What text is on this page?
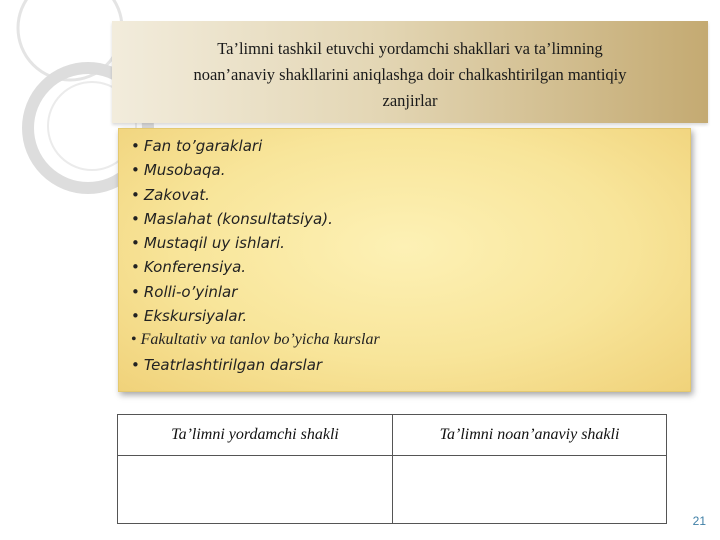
Ta’limni tashkil etuvchi yordamchi shakllari va ta’limning
noan’anaviy shakllarini aniqlashga doir chalkashtirilgan mantiqiy
zanjirlar
• Fan to’garaklari
• Musobaqa.
• Zakovat.
• Maslahat (konsultatsiya).
• Mustaqil uy ishlari.
• Konferensiya.
• Rolli-o’yinlar
• Ekskursiyalar.
• Fakultativ va tanlov bo’yicha kurslar
• Teatrlashtirilgan darslar
Ta’limni yordamchi shakli	Ta’limni noan’anaviy shakli

21
